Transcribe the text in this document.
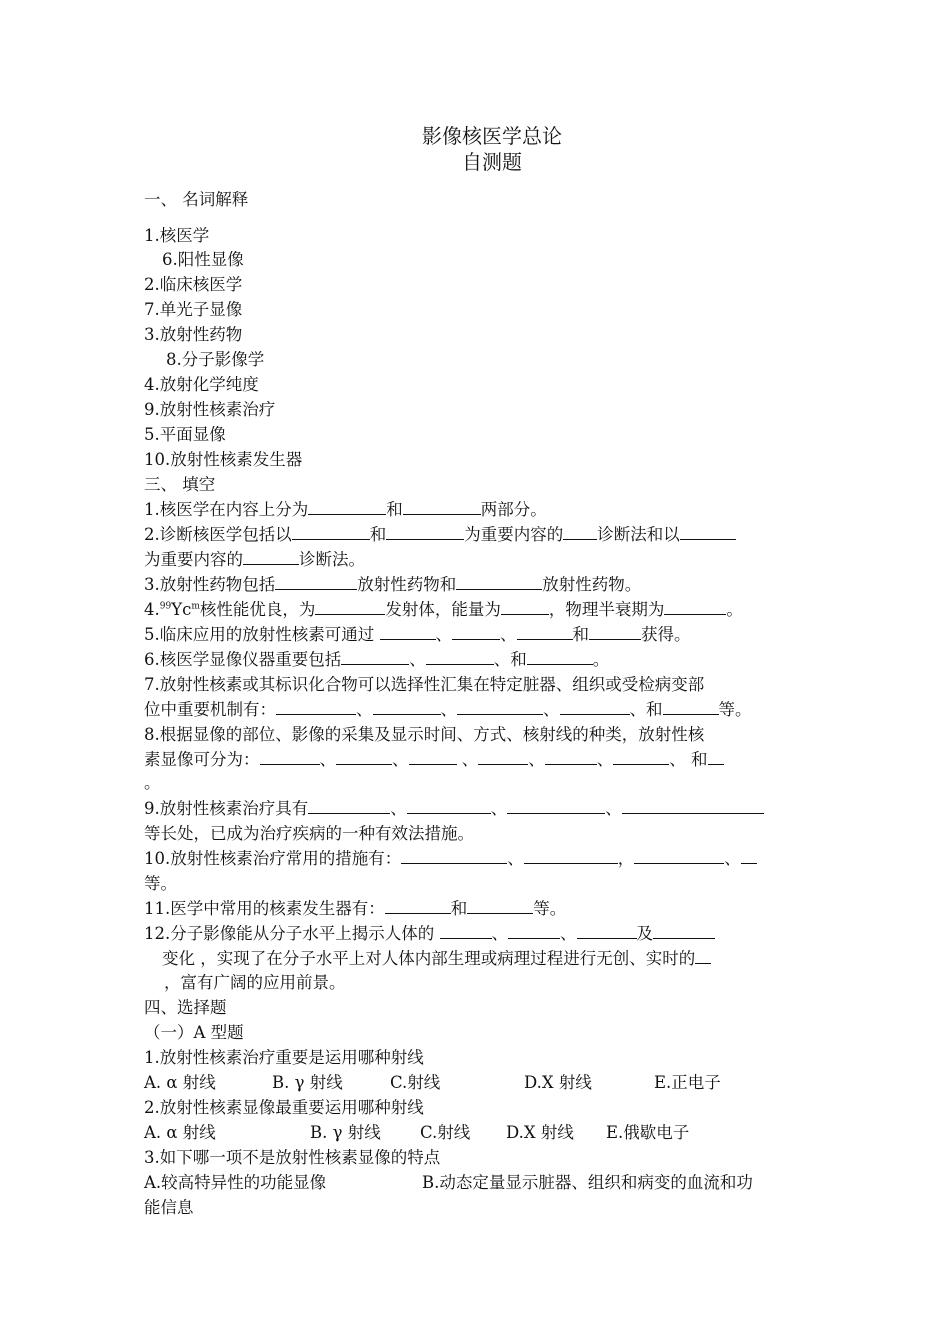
影像核医学总论
自测题
一、 名词解释
1.核医学
6.阳性显像
2.临床核医学
7.单光子显像
3.放射性药物
8.分子影像学
4.放射化学纯度
9.放射性核素治疗
5.平面显像
10.放射性核素发生器
三、 填空
1.核医学在内容上分为	和	两部分。
2.诊断核医学包括以	和	为重要内容的 诊断法和以
为重要内容的	诊断法。
3.放射性药物包括	放射性药物和	放射性药物。
4.99Yc$^m$核性能优良，为	发射体，能量为	，物理半衰期为	。
5.临床应用的放射性核素可通过	、	、	和	获得。
6.核医学显像仪器重要包括	、	、和	。
7.放射性核素或其标识化合物可以选择性汇集在特定脏器、组织或受检病变部
位中重要机制有：	、	、	、	、和	等。
8.根据显像的部位、影像的采集及显示时间、方式、核射线的种类，放射性核
素显像可分为：	、	、	、	、	、	、 和
。
9.放射性核素治疗具有	、	、	、
等长处，已成为治疗疾病的一种有效法措施。
10.放射性核素治疗常用的措施有：	、	，	、
等。
11.医学中常用的核素发生器有：	和	等。
12.分子影像能从分子水平上揭示人体的	、	、	及
变化 ，实现了在分子水平上对人体内部生理或病理过程进行无创、实时的
，富有广阔的应用前景。
四、选择题
（一）A 型题
1.放射性核素治疗重要是运用哪种射线
A. α 射线	B. γ 射线	C.射线	D.X 射线	E.正电子
2.放射性核素显像最重要运用哪种射线
A. α 射线	B. γ 射线 C.射线 D.X 射线 E.俄歇电子
3.如下哪一项不是放射性核素显像的特点
A.较高特异性的功能显像	B.动态定量显示脏器、组织和病变的血流和功
能信息
